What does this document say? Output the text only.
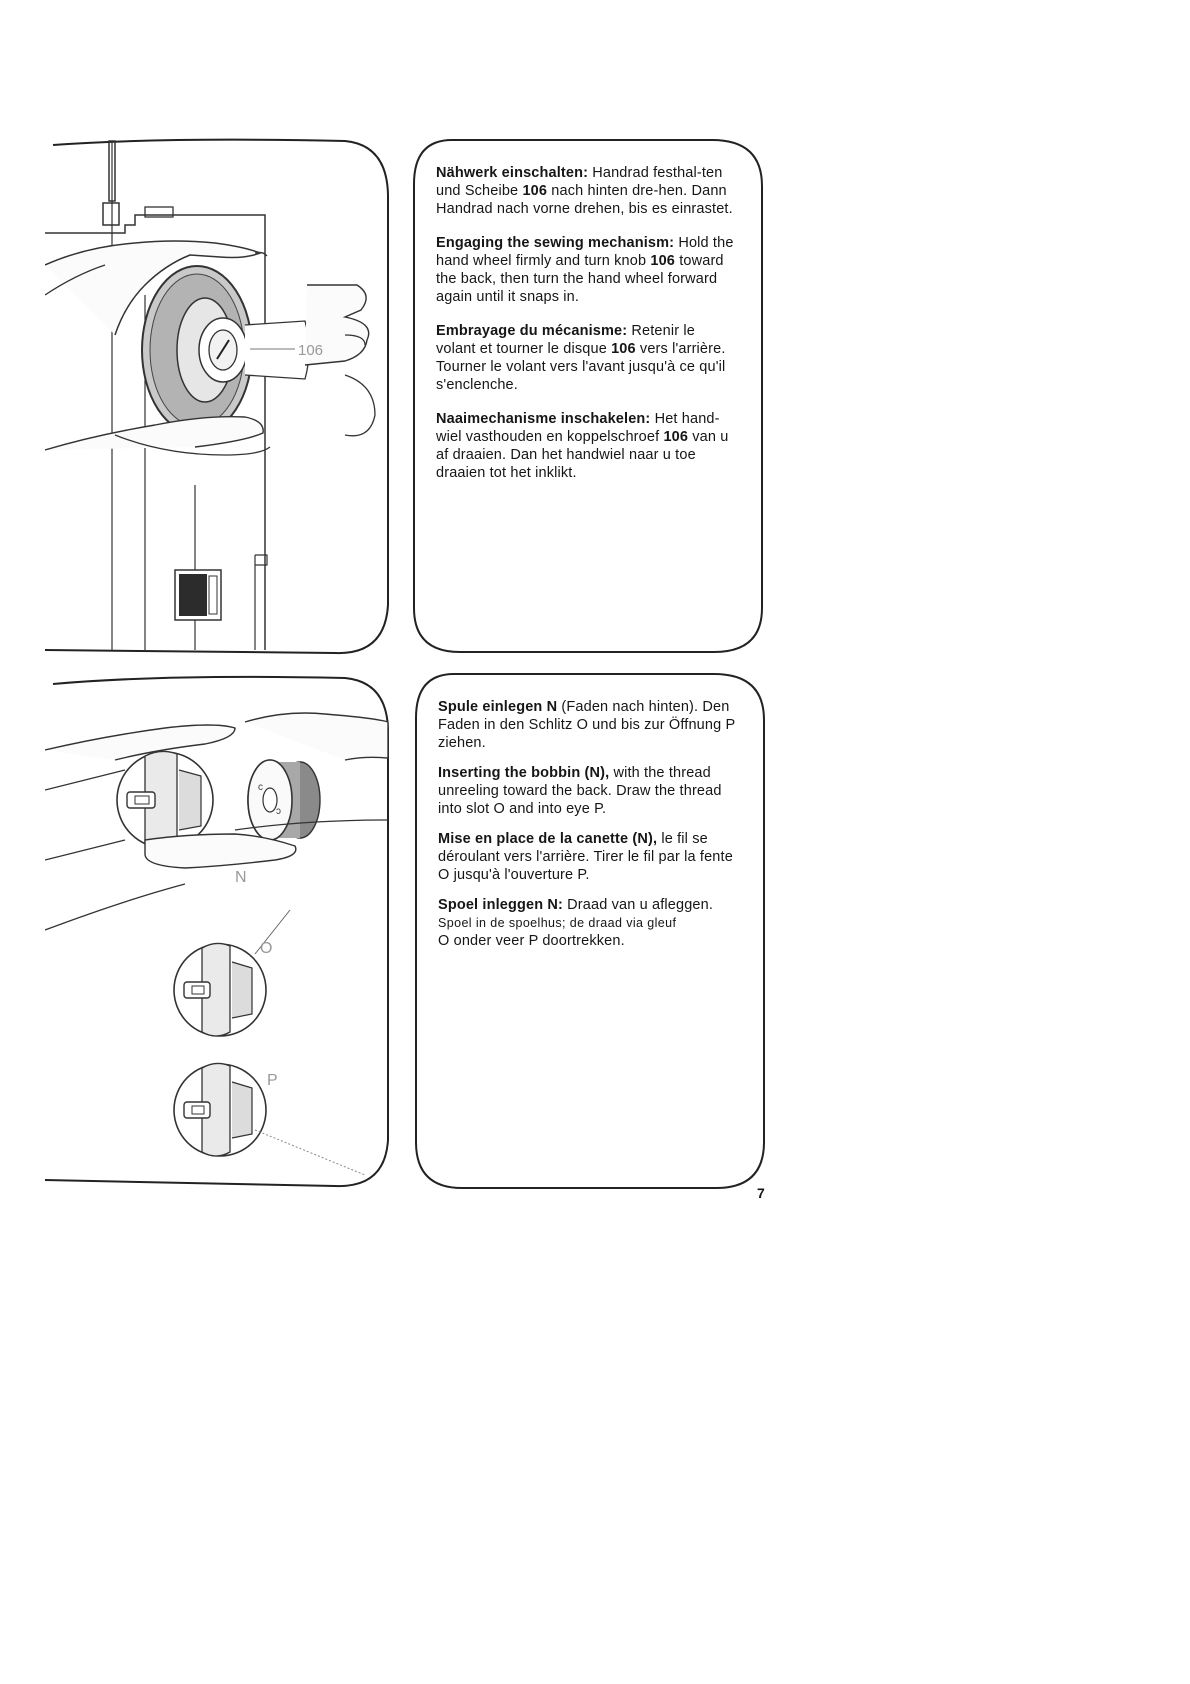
106

Nähwerk einschalten: Handrad festhal-ten und Scheibe 106 nach hinten dre-hen. Dann Handrad nach vorne drehen, bis es einrastet.

Engaging the sewing mechanism: Hold the hand wheel firmly and turn knob 106 toward the back, then turn the hand wheel forward again until it snaps in.

Embrayage du mécanisme: Retenir le volant et tourner le disque 106 vers l'arrière. Tourner le volant vers l'avant jusqu'à ce qu'il s'enclenche.

Naaimechanisme inschakelen: Het hand-wiel vasthouden en koppelschroef 106 van u af draaien. Dan het handwiel naar u toe draaien tot het inklikt.

c
ɔ
N
O
P

Spule einlegen N (Faden nach hinten). Den Faden in den Schlitz O und bis zur Öffnung P ziehen.

Inserting the bobbin (N), with the thread unreeling toward the back. Draw the thread into slot O and into eye P.

Mise en place de la canette (N), le fil se déroulant vers l'arrière. Tirer le fil par la fente O jusqu'à l'ouverture P.

Spoel inleggen N: Draad van u afleggen.
Spoel in de spoelhus; de draad via gleuf
O onder veer P doortrekken.

7
